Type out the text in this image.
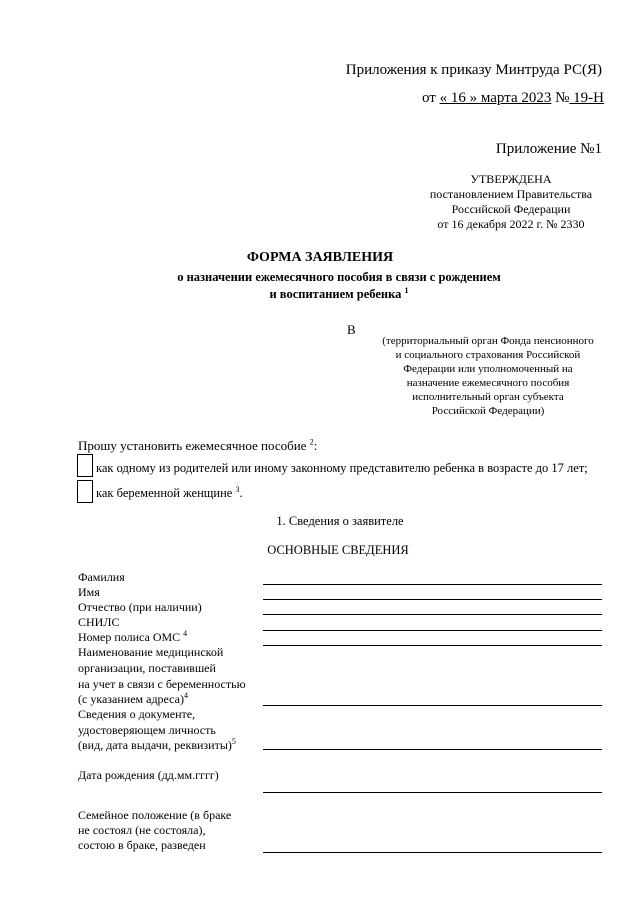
Приложения к приказу Минтруда РС(Я)
от « 16 » марта 2023 № 19-Н
Приложение №1
УТВЕРЖДЕНА
постановлением Правительства
Российской Федерации
от 16 декабря 2022 г. № 2330
ФОРМА ЗАЯВЛЕНИЯ
о назначении ежемесячного пособия в связи с рождением
и воспитанием ребенка $^1$
В
(территориальный орган Фонда пенсионного
и социального страхования Российской
Федерации или уполномоченный на
назначение ежемесячного пособия
исполнительный орган субъекта
Российской Федерации)
Прошу установить ежемесячное пособие $^2$:
как одному из родителей или иному законному представителю ребенка в возрасте до 17 лет;
как беременной женщине $^3$.
1. Сведения о заявителе
ОСНОВНЫЕ СВЕДЕНИЯ
Фамилия
Имя
Отчество (при наличии)
СНИЛС
Номер полиса ОМС $^4$
Наименование медицинской
организации, поставившей
на учет в связи с беременностью
(с указанием адреса)$^4$
Сведения о документе,
удостоверяющем личность
(вид, дата выдачи, реквизиты)$^5$
Дата рождения (дд.мм.гггг)
Семейное положение (в браке
не состоял (не состояла),
состою в браке, разведен
